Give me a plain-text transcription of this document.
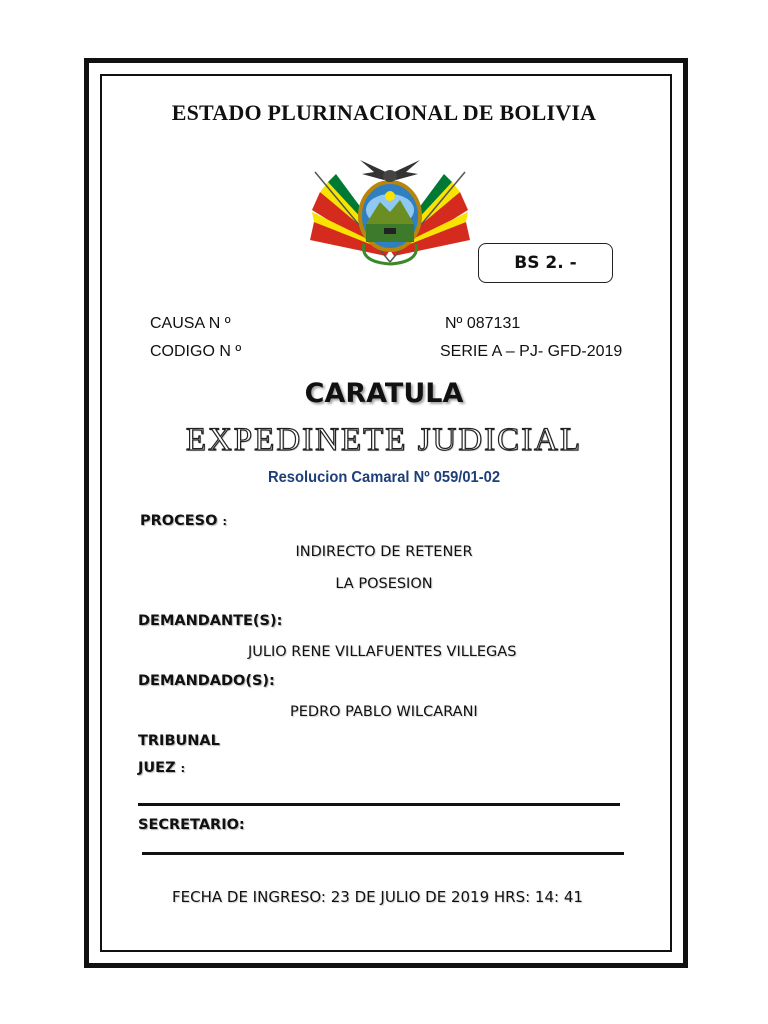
ESTADO PLURINACIONAL DE BOLIVIA
BS 2. -
CAUSA N º	Nº 087131
CODIGO N º	SERIE A – PJ- GFD-2019
CARATULA
EXPEDINETE JUDICIAL
Resolucion Camaral Nº 059/01-02
PROCESO :
INDIRECTO DE RETENER
LA POSESION
DEMANDANTE(S):
JULIO RENE VILLAFUENTES VILLEGAS
DEMANDADO(S):
PEDRO PABLO WILCARANI
TRIBUNAL
JUEZ :
SECRETARIO:
FECHA DE INGRESO: 23 DE JULIO DE 2019 HRS: 14: 41
